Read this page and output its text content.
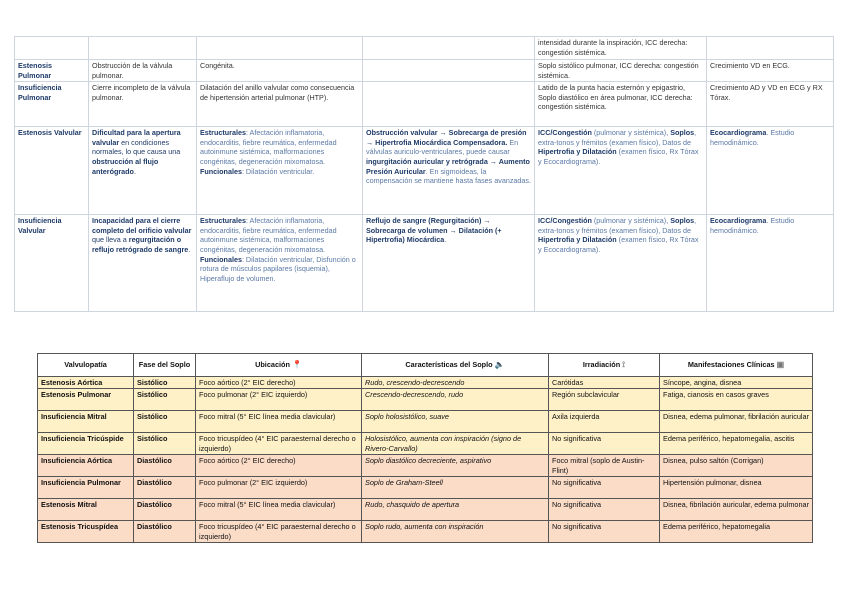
				intensidad durante la inspiración, ICC derecha: congestión sistémica.	
Estenosis Pulmonar	Obstrucción de la válvula pulmonar.	Congénita.		Soplo sistólico pulmonar, ICC derecha: congestión sistémica.	Crecimiento VD en ECG.
Insuficiencia Pulmonar	Cierre incompleto de la válvula pulmonar.	Dilatación del anillo valvular como consecuencia de hipertensión arterial pulmonar (HTP).		Latido de la punta hacia esternón y epigastrio, Soplo diastólico en área pulmonar, ICC derecha: congestión sistémica.	Crecimiento AD y VD en ECG y RX Tórax.
Estenosis Valvular	Dificultad para la apertura valvular en condiciones normales, lo que causa una obstrucción al flujo anterógrado.	Estructurales: Afectación inflamatoria, endocarditis, fiebre reumática, enfermedad autoinmune sistémica, malformaciones congénitas, degeneración mixomatosa. Funcionales: Dilatación ventricular.	Obstrucción valvular → Sobrecarga de presión → Hipertrofia Miocárdica Compensadora. En válvulas auriculo-ventriculares, puede causar ingurgitación auricular y retrógrada → Aumento Presión Auricular. En sigmoideas, la compensación se mantiene hasta fases avanzadas.	ICC/Congestión (pulmonar y sistémica), Soplos, extra-tonos y frémitos (examen físico), Datos de Hipertrofia y Dilatación (examen físico, Rx Tórax y Ecocardiograma).	Ecocardiograma. Estudio hemodinámico.
Insuficiencia Valvular	Incapacidad para el cierre completo del orificio valvular que lleva a regurgitación o reflujo retrógrado de sangre.	Estructurales: Afectación inflamatoria, endocarditis, fiebre reumática, enfermedad autoinmune sistémica, malformaciones congénitas, degeneración mixomatosa. Funcionales: Dilatación ventricular, Disfunción o rotura de músculos papilares (isquemia), Hiperaflujo de volumen.	Reflujo de sangre (Regurgitación) → Sobrecarga de volumen → Dilatación (+ Hipertrofia) Miocárdica.	ICC/Congestión (pulmonar y sistémica), Soplos, extra-tonos y frémitos (examen físico), Datos de Hipertrofia y Dilatación (examen físico, Rx Tórax y Ecocardiograma).	Ecocardiograma. Estudio hemodinámico.
Valvulopatía	Fase del Soplo	Ubicación 📍	Características del Soplo 🔈	Irradiación ⟟	Manifestaciones Clínicas ▣
Estenosis Aórtica	Sistólico	Foco aórtico (2° EIC derecho)	Rudo, crescendo-decrescendo	Carótidas	Síncope, angina, disnea
Estenosis Pulmonar	Sistólico	Foco pulmonar (2° EIC izquierdo)	Crescendo-decrescendo, rudo	Región subclavicular	Fatiga, cianosis en casos graves
Insuficiencia Mitral	Sistólico	Foco mitral (5° EIC línea media clavicular)	Soplo holosistólico, suave	Axila izquierda	Disnea, edema pulmonar, fibrilación auricular
Insuficiencia Tricúspide	Sistólico	Foco tricuspídeo (4° EIC paraesternal derecho o izquierdo)	Holosistólico, aumenta con inspiración (signo de Rivero-Carvallo)	No significativa	Edema periférico, hepatomegalia, ascitis
Insuficiencia Aórtica	Diastólico	Foco aórtico (2° EIC derecho)	Soplo diastólico decreciente, aspirativo	Foco mitral (soplo de Austin-Flint)	Disnea, pulso saltón (Corrigan)
Insuficiencia Pulmonar	Diastólico	Foco pulmonar (2° EIC izquierdo)	Soplo de Graham-Steell	No significativa	Hipertensión pulmonar, disnea
Estenosis Mitral	Diastólico	Foco mitral (5° EIC línea media clavicular)	Rudo, chasquido de apertura	No significativa	Disnea, fibrilación auricular, edema pulmonar
Estenosis Tricuspídea	Diastólico	Foco tricuspídeo (4° EIC paraesternal derecho o izquierdo)	Soplo rudo, aumenta con inspiración	No significativa	Edema periférico, hepatomegalia
